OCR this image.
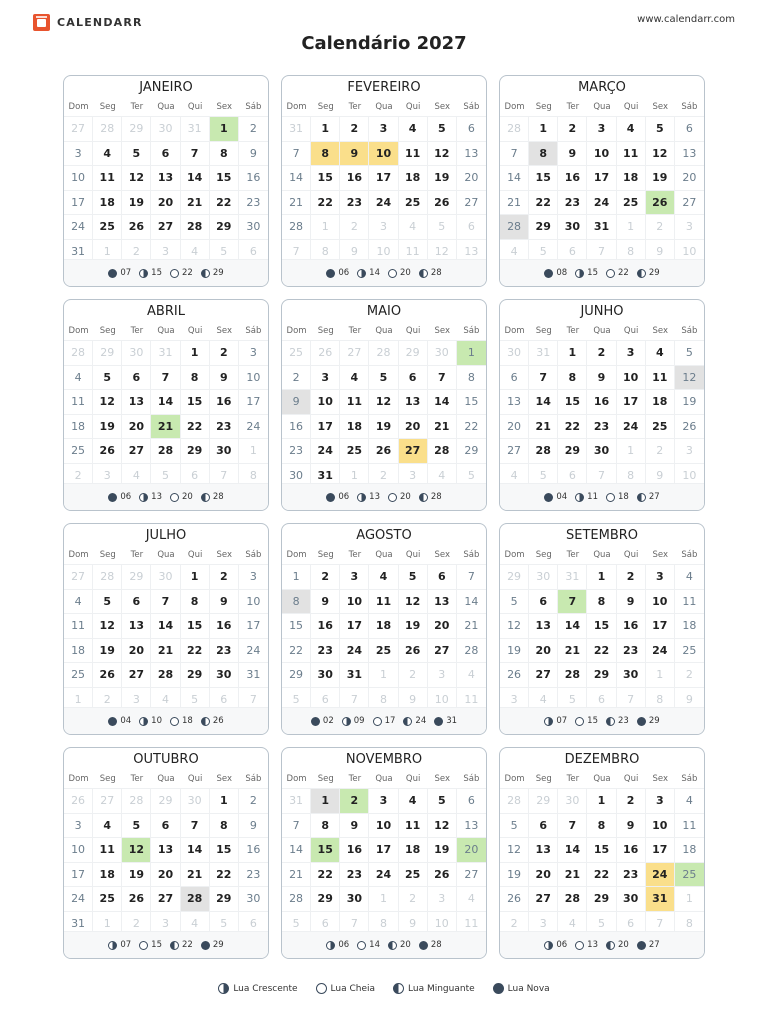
CALENDARR	www.calendarr.com
Calendário 2027
JANEIRO
Dom	Seg	Ter	Qua	Qui	Sex	Sáb
27	28	29	30	31	1	2
3	4	5	6	7	8	9
10	11	12	13	14	15	16
17	18	19	20	21	22	23
24	25	26	27	28	29	30
31	1	2	3	4	5	6
07 15 22 29
FEVEREIRO
Dom	Seg	Ter	Qua	Qui	Sex	Sáb
31	1	2	3	4	5	6
7	8	9	10	11	12	13
14	15	16	17	18	19	20
21	22	23	24	25	26	27
28	1	2	3	4	5	6
7	8	9	10	11	12	13
06 14 20 28
MARÇO
Dom	Seg	Ter	Qua	Qui	Sex	Sáb
28	1	2	3	4	5	6
7	8	9	10	11	12	13
14	15	16	17	18	19	20
21	22	23	24	25	26	27
28	29	30	31	1	2	3
4	5	6	7	8	9	10
08 15 22 29
ABRIL
Dom	Seg	Ter	Qua	Qui	Sex	Sáb
28	29	30	31	1	2	3
4	5	6	7	8	9	10
11	12	13	14	15	16	17
18	19	20	21	22	23	24
25	26	27	28	29	30	1
2	3	4	5	6	7	8
06 13 20 28
MAIO
Dom	Seg	Ter	Qua	Qui	Sex	Sáb
25	26	27	28	29	30	1
2	3	4	5	6	7	8
9	10	11	12	13	14	15
16	17	18	19	20	21	22
23	24	25	26	27	28	29
30	31	1	2	3	4	5
06 13 20 28
JUNHO
Dom	Seg	Ter	Qua	Qui	Sex	Sáb
30	31	1	2	3	4	5
6	7	8	9	10	11	12
13	14	15	16	17	18	19
20	21	22	23	24	25	26
27	28	29	30	1	2	3
4	5	6	7	8	9	10
04 11 18 27
JULHO
Dom	Seg	Ter	Qua	Qui	Sex	Sáb
27	28	29	30	1	2	3
4	5	6	7	8	9	10
11	12	13	14	15	16	17
18	19	20	21	22	23	24
25	26	27	28	29	30	31
1	2	3	4	5	6	7
04 10 18 26
AGOSTO
Dom	Seg	Ter	Qua	Qui	Sex	Sáb
1	2	3	4	5	6	7
8	9	10	11	12	13	14
15	16	17	18	19	20	21
22	23	24	25	26	27	28
29	30	31	1	2	3	4
5	6	7	8	9	10	11
02 09 17 24 31
SETEMBRO
Dom	Seg	Ter	Qua	Qui	Sex	Sáb
29	30	31	1	2	3	4
5	6	7	8	9	10	11
12	13	14	15	16	17	18
19	20	21	22	23	24	25
26	27	28	29	30	1	2
3	4	5	6	7	8	9
07 15 23 29
OUTUBRO
Dom	Seg	Ter	Qua	Qui	Sex	Sáb
26	27	28	29	30	1	2
3	4	5	6	7	8	9
10	11	12	13	14	15	16
17	18	19	20	21	22	23
24	25	26	27	28	29	30
31	1	2	3	4	5	6
07 15 22 29
NOVEMBRO
Dom	Seg	Ter	Qua	Qui	Sex	Sáb
31	1	2	3	4	5	6
7	8	9	10	11	12	13
14	15	16	17	18	19	20
21	22	23	24	25	26	27
28	29	30	1	2	3	4
5	6	7	8	9	10	11
06 14 20 28
DEZEMBRO
Dom	Seg	Ter	Qua	Qui	Sex	Sáb
28	29	30	1	2	3	4
5	6	7	8	9	10	11
12	13	14	15	16	17	18
19	20	21	22	23	24	25
26	27	28	29	30	31	1
2	3	4	5	6	7	8
06 13 20 27
Lua Crescente	Lua Cheia	Lua Minguante	Lua Nova
